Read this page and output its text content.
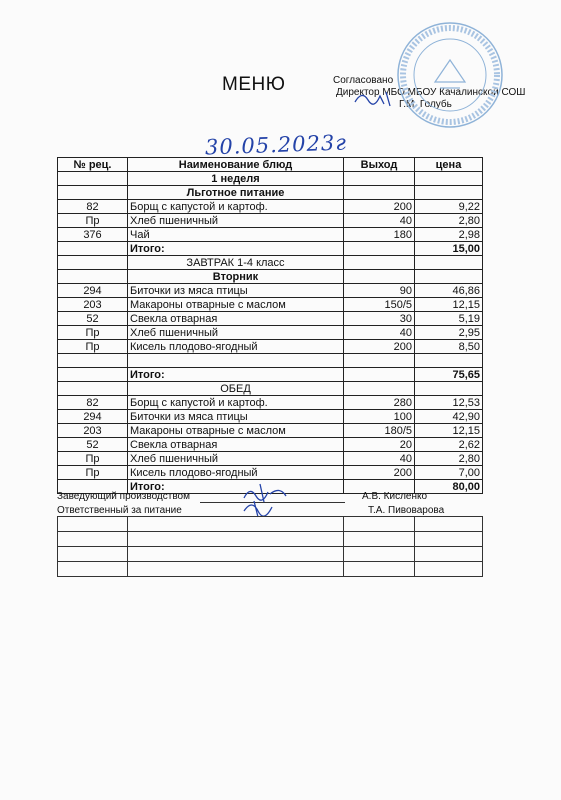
МЕНЮ	Согласовано
Директор МБО МБОУ Качалинской СОШ
Г.М. Голубь
30.05.2023г
№ рец.	Наименование блюд	Выход	цена
	1 неделя		
	Льготное питание		
82	Борщ с капустой и картоф.	200	9,22
Пр	Хлеб пшеничный	40	2,80
376	Чай	180	2,98
	Итого:		15,00
	ЗАВТРАК 1-4 класс		
	Вторник		
294	Биточки из мяса птицы	90	46,86
203	Макароны отварные с маслом	150/5	12,15
52	Свекла отварная	30	5,19
Пр	Хлеб пшеничный	40	2,95
Пр	Кисель плодово-ягодный	200	8,50

	Итого:		75,65
	ОБЕД		
82	Борщ с капустой и картоф.	280	12,53
294	Биточки из мяса птицы	100	42,90
203	Макароны отварные с маслом	180/5	12,15
52	Свекла отварная	20	2,62
Пр	Хлеб пшеничный	40	2,80
Пр	Кисель плодово-ягодный	200	7,00
	Итого:		80,00
Заведующий производством	А.В. Кисленко
Ответственный за питание	Т.А. Пивоварова
